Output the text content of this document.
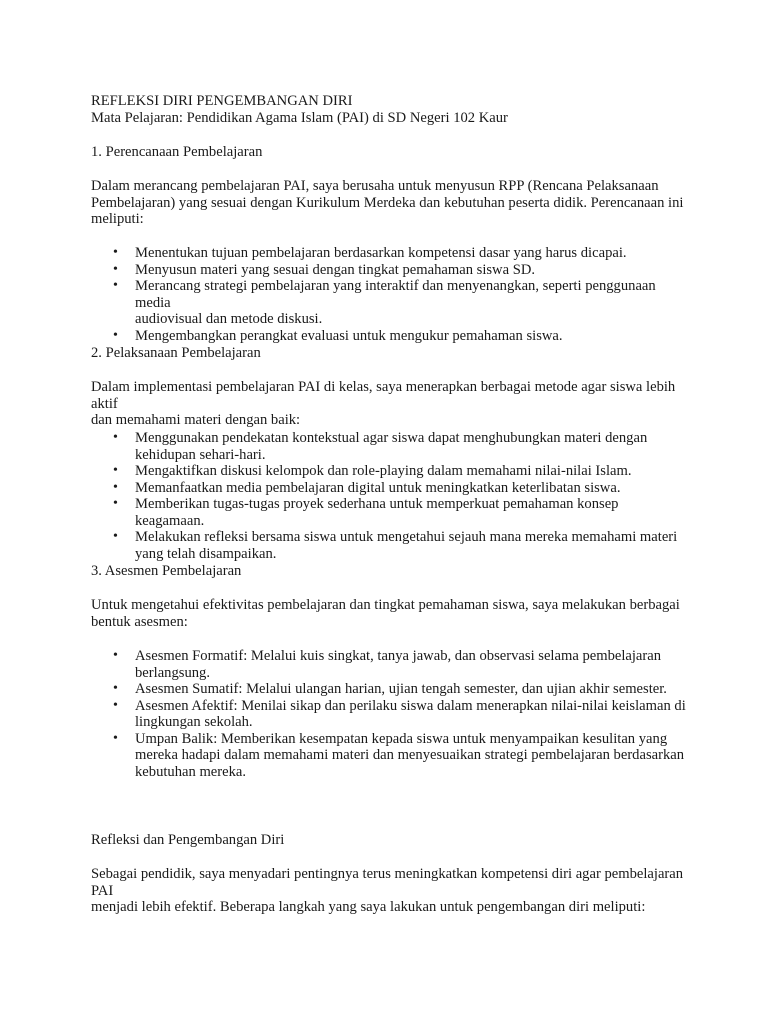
REFLEKSI DIRI PENGEMBANGAN DIRI
Mata Pelajaran: Pendidikan Agama Islam (PAI) di SD Negeri 102 Kaur
1. Perencanaan Pembelajaran
Dalam merancang pembelajaran PAI, saya berusaha untuk menyusun RPP (Rencana Pelaksanaan
Pembelajaran) yang sesuai dengan Kurikulum Merdeka dan kebutuhan peserta didik. Perencanaan ini
meliputi:
• Menentukan tujuan pembelajaran berdasarkan kompetensi dasar yang harus dicapai.
• Menyusun materi yang sesuai dengan tingkat pemahaman siswa SD.
• Merancang strategi pembelajaran yang interaktif dan menyenangkan, seperti penggunaan media
audiovisual dan metode diskusi.
• Mengembangkan perangkat evaluasi untuk mengukur pemahaman siswa.
2. Pelaksanaan Pembelajaran
Dalam implementasi pembelajaran PAI di kelas, saya menerapkan berbagai metode agar siswa lebih aktif
dan memahami materi dengan baik:
• Menggunakan pendekatan kontekstual agar siswa dapat menghubungkan materi dengan
kehidupan sehari-hari.
• Mengaktifkan diskusi kelompok dan role-playing dalam memahami nilai-nilai Islam.
• Memanfaatkan media pembelajaran digital untuk meningkatkan keterlibatan siswa.
• Memberikan tugas-tugas proyek sederhana untuk memperkuat pemahaman konsep keagamaan.
• Melakukan refleksi bersama siswa untuk mengetahui sejauh mana mereka memahami materi
yang telah disampaikan.
3. Asesmen Pembelajaran
Untuk mengetahui efektivitas pembelajaran dan tingkat pemahaman siswa, saya melakukan berbagai
bentuk asesmen:
• Asesmen Formatif: Melalui kuis singkat, tanya jawab, dan observasi selama pembelajaran
berlangsung.
• Asesmen Sumatif: Melalui ulangan harian, ujian tengah semester, dan ujian akhir semester.
• Asesmen Afektif: Menilai sikap dan perilaku siswa dalam menerapkan nilai-nilai keislaman di
lingkungan sekolah.
• Umpan Balik: Memberikan kesempatan kepada siswa untuk menyampaikan kesulitan yang
mereka hadapi dalam memahami materi dan menyesuaikan strategi pembelajaran berdasarkan
kebutuhan mereka.
Refleksi dan Pengembangan Diri
Sebagai pendidik, saya menyadari pentingnya terus meningkatkan kompetensi diri agar pembelajaran PAI
menjadi lebih efektif. Beberapa langkah yang saya lakukan untuk pengembangan diri meliputi:
